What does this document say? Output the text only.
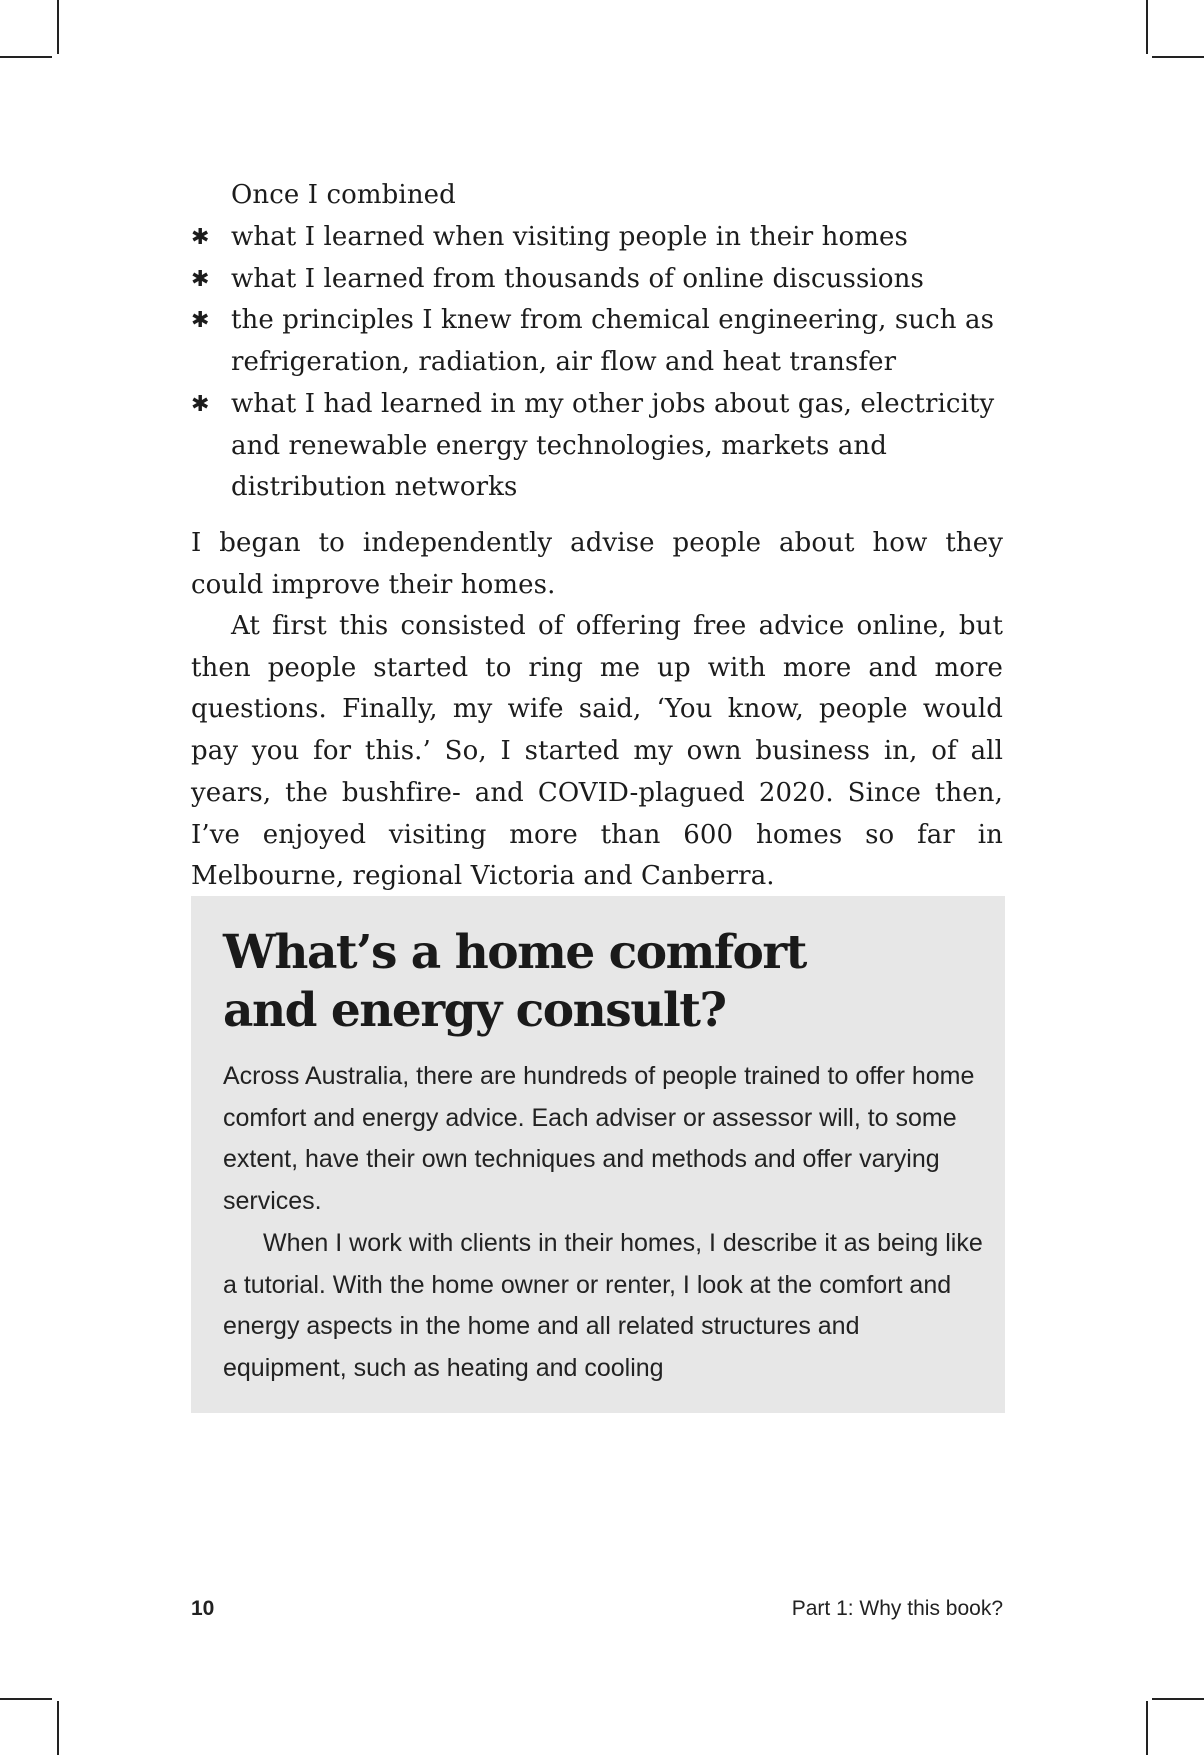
Once I combined

✱ what I learned when visiting people in their homes
✱ what I learned from thousands of online discussions
✱ the principles I knew from chemical engineering, such as refrigeration, radiation, air flow and heat transfer
✱ what I had learned in my other jobs about gas, electricity and renewable energy technologies, markets and distribution networks

I began to independently advise people about how they could improve their homes.

At first this consisted of offering free advice online, but then people started to ring me up with more and more questions. Finally, my wife said, ‘You know, people would pay you for this.’ So, I started my own business in, of all years, the bushfire- and COVID-plagued 2020. Since then, I’ve enjoyed visiting more than 600 homes so far in Melbourne, regional Victoria and Canberra.

What’s a home comfort
and energy consult?

Across Australia, there are hundreds of people trained to offer home comfort and energy advice. Each adviser or assessor will, to some extent, have their own techniques and methods and offer varying services.

When I work with clients in their homes, I describe it as being like a tutorial. With the home owner or renter, I look at the comfort and energy aspects in the home and all related structures and equipment, such as heating and cooling

10	Part 1: Why this book?
